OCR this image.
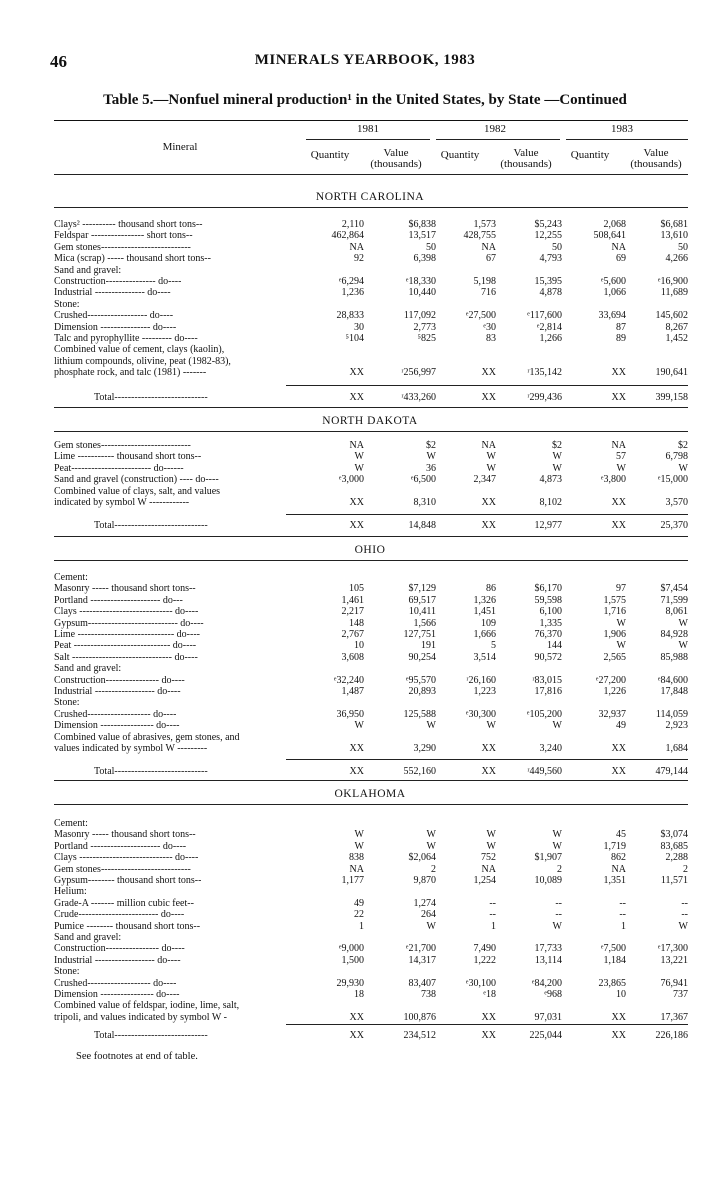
46	MINERALS YEARBOOK, 1983
Table 5.—Nonfuel mineral production¹ in the United States, by State —Continued
Mineral
1981	1982	1983
Quantity	Value (thousands)
Quantity	Value (thousands)
Quantity	Value (thousands)
NORTH CAROLINA
Clays² ---------- thousand short tons--	2,110	$6,838	1,573	$5,243	2,068	$6,681
Feldspar ---------------- short tons--	462,864	13,517	428,755	12,255	508,641	13,610
Gem stones---------------------------	NA	50	NA	50	NA	50
Mica (scrap) ----- thousand short tons--	92	6,398	67	4,793	69	4,266
Sand and gravel:
Construction--------------- do----	ᵉ6,294	ᵉ18,330	5,198	15,395	ᵉ5,600	ᵉ16,900
Industrial --------------- do----	1,236	10,440	716	4,878	1,066	11,689
Stone:
Crushed------------------ do----	28,833	117,092	ᵉ27,500	ᵉ117,600	33,694	145,602
Dimension --------------- do----	30	2,773	ᵉ30	ᵉ2,814	87	8,267
Talc and pyrophyllite --------- do----	⁵104	⁵825	83	1,266	89	1,452
Combined value of cement, clays (kaolin),
lithium compounds, olivine, peat (1982-83),
phosphate rock, and talc (1981) -------	XX	ʳ256,997	XX	ʳ135,142	XX	190,641
Total----------------------------	XX	ʳ433,260	XX	ʳ299,436	XX	399,158
NORTH DAKOTA
Gem stones---------------------------	NA	$2	NA	$2	NA	$2
Lime ----------- thousand short tons--	W	W	W	W	57	6,798
Peat------------------------ do------	W	36	W	W	W	W
Sand and gravel (construction) ---- do----	ᵉ3,000	ᵉ6,500	2,347	4,873	ᵉ3,800	ᵉ15,000
Combined value of clays, salt, and values
indicated by symbol W ------------	XX	8,310	XX	8,102	XX	3,570
Total----------------------------	XX	14,848	XX	12,977	XX	25,370
OHIO
Cement:
Masonry ----- thousand short tons--	105	$7,129	86	$6,170	97	$7,454
Portland --------------------- do---	1,461	69,517	1,326	59,598	1,575	71,599
Clays ---------------------------- do----	2,217	10,411	1,451	6,100	1,716	8,061
Gypsum--------------------------- do----	148	1,566	109	1,335	W	W
Lime ----------------------------- do----	2,767	127,751	1,666	76,370	1,906	84,928
Peat ----------------------------- do----	10	191	5	144	W	W
Salt ------------------------------ do----	3,608	90,254	3,514	90,572	2,565	85,988
Sand and gravel:
Construction---------------- do----	ᵉ32,240	ᵉ95,570	ʳ26,160	ʳ83,015	ᵉ27,200	ᵉ84,600
Industrial ------------------ do----	1,487	20,893	1,223	17,816	1,226	17,848
Stone:
Crushed------------------- do----	36,950	125,588	ᵉ30,300	ᵉ105,200	32,937	114,059
Dimension ---------------- do----	W	W	W	W	49	2,923
Combined value of abrasives, gem stones, and
values indicated by symbol W ---------	XX	3,290	XX	3,240	XX	1,684
Total----------------------------	XX	552,160	XX	ʳ449,560	XX	479,144
OKLAHOMA
Cement:
Masonry ----- thousand short tons--	W	W	W	W	45	$3,074
Portland --------------------- do----	W	W	W	W	1,719	83,685
Clays ---------------------------- do----	838	$2,064	752	$1,907	862	2,288
Gem stones---------------------------	NA	2	NA	2	NA	2
Gypsum-------- thousand short tons--	1,177	9,870	1,254	10,089	1,351	11,571
Helium:
Grade-A ------- million cubic feet--	49	1,274	--	--	--	--
Crude------------------------ do----	22	264	--	--	--	--
Pumice -------- thousand short tons--	1	W	1	W	1	W
Sand and gravel:
Construction---------------- do----	ᵉ9,000	ᵉ21,700	7,490	17,733	ᵉ7,500	ᵉ17,300
Industrial ------------------ do----	1,500	14,317	1,222	13,114	1,184	13,221
Stone:
Crushed------------------- do----	29,930	83,407	ᵉ30,100	ᵉ84,200	23,865	76,941
Dimension ---------------- do----	18	738	ᵉ18	ᵉ968	10	737
Combined value of feldspar, iodine, lime, salt,
tripoli, and values indicated by symbol W -	XX	100,876	XX	97,031	XX	17,367
Total----------------------------	XX	234,512	XX	225,044	XX	226,186
See footnotes at end of table.
